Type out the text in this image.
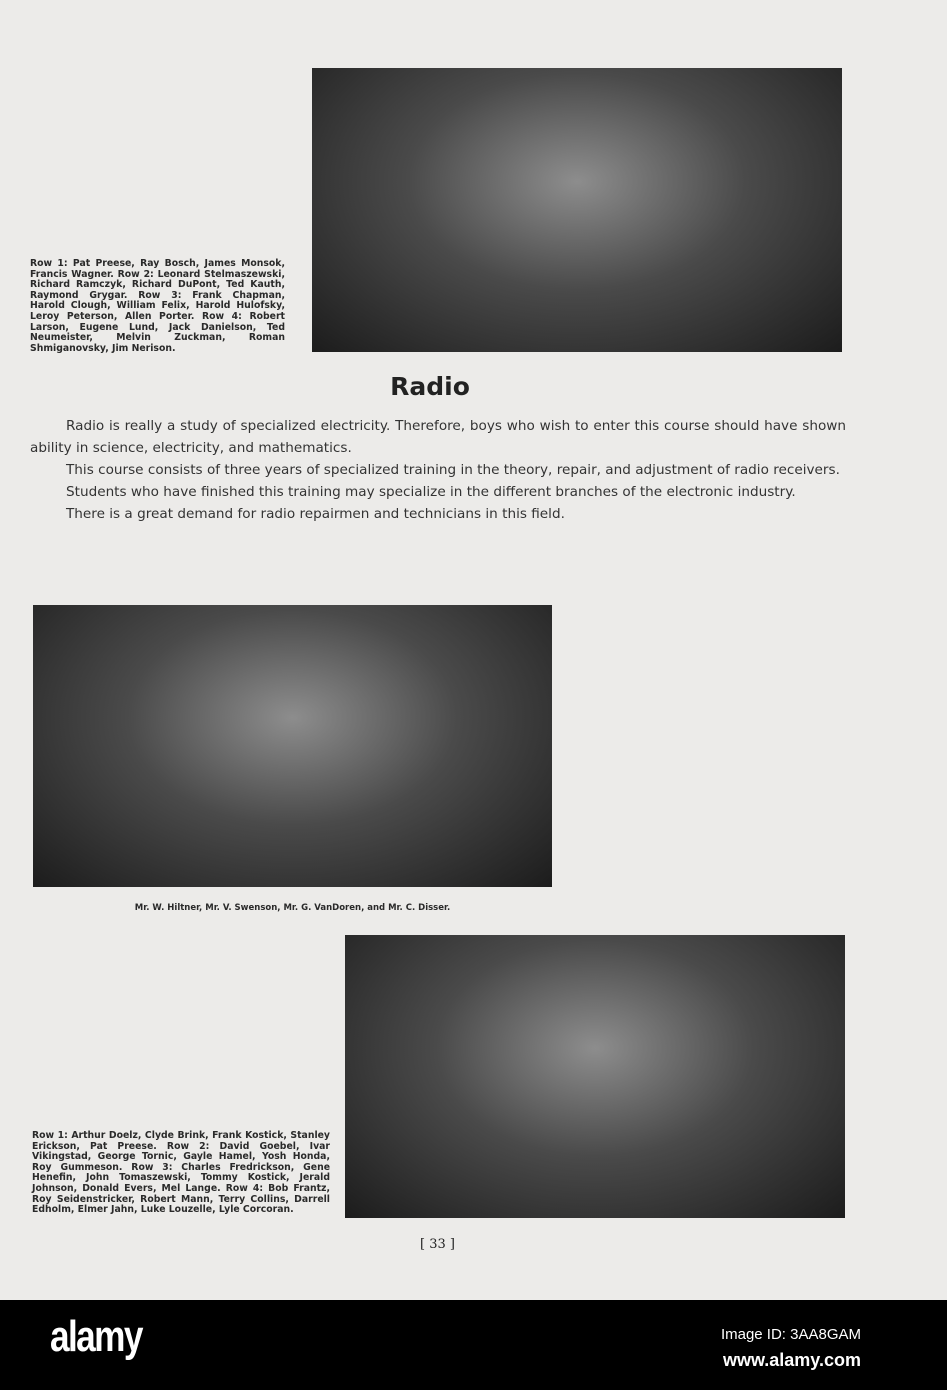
Row 1: Pat Preese, Ray Bosch, James Monsok, Francis Wagner. Row 2: Leonard Stelmaszewski, Richard Ramczyk, Richard DuPont, Ted Kauth, Raymond Grygar. Row 3: Frank Chapman, Harold Clough, William Felix, Harold Hulofsky, Leroy Peterson, Allen Porter. Row 4: Robert Larson, Eugene Lund, Jack Danielson, Ted Neumeister, Melvin Zuckman, Roman Shmiganovsky, Jim Nerison.
Radio

Radio is really a study of specialized electricity. Therefore, boys who wish to enter this course should have shown ability in science, electricity, and mathematics.

This course consists of three years of specialized training in the theory, repair, and adjustment of radio receivers.

Students who have finished this training may specialize in the different branches of the electronic industry.

There is a great demand for radio repairmen and technicians in this field.

Mr. W. Hiltner, Mr. V. Swenson, Mr. G. VanDoren, and Mr. C. Disser.
Row 1: Arthur Doelz, Clyde Brink, Frank Kostick, Stanley Erickson, Pat Preese. Row 2: David Goebel, Ivar Vikingstad, George Tornic, Gayle Hamel, Yosh Honda, Roy Gummeson. Row 3: Charles Fredrickson, Gene Henefin, John Tomaszewski, Tommy Kostick, Jerald Johnson, Donald Evers, Mel Lange. Row 4: Bob Frantz, Roy Seidenstricker, Robert Mann, Terry Collins, Darrell Edholm, Elmer Jahn, Luke Louzelle, Lyle Corcoran.
[ 33 ]
alamy	Image ID: 3AA8GAM
www.alamy.com
